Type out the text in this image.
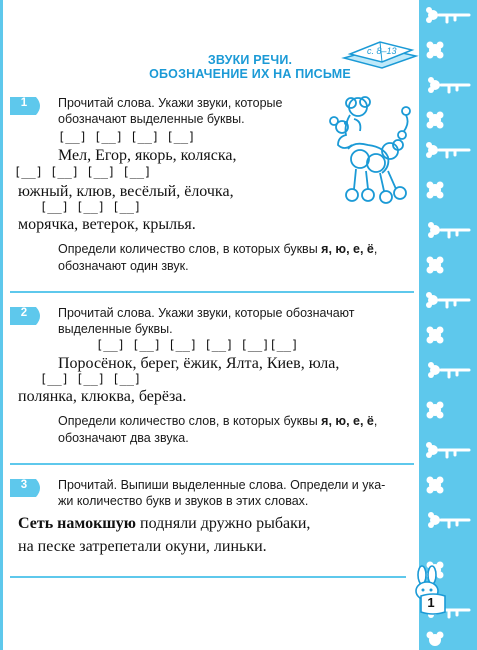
ЗВУКИ РЕЧИ.
ОБОЗНАЧЕНИЕ ИХ НА ПИСЬМЕ
с. 8–13
1	Прочитай слова. Укажи звуки, которые
обозначают выделенные буквы.
[__] [__] [__] [__]
Мел, Егор, якорь, коляска,
[__] [__] [__] [__]
южный, клюв, весёлый, ёлочка,
[__] [__] [__]
морячка, ветерок, крылья.
Определи количество слов, в которых буквы я, ю, е, ё,
обозначают один звук.
2	Прочитай слова. Укажи звуки, которые обозначают
выделенные буквы.
[__] [__] [__] [__] [__][__]
Поросёнок, берег, ёжик, Ялта, Киев, юла,
[__] [__] [__]
полянка, клюква, берёза.
Определи количество слов, в которых буквы я, ю, е, ё,
обозначают два звука.
3	Прочитай. Выпиши выделенные слова. Определи и ука-
жи количество букв и звуков в этих словах.
Сеть намокшую подняли дружно рыбаки,
на песке затрепетали окуни, линьки.
1
